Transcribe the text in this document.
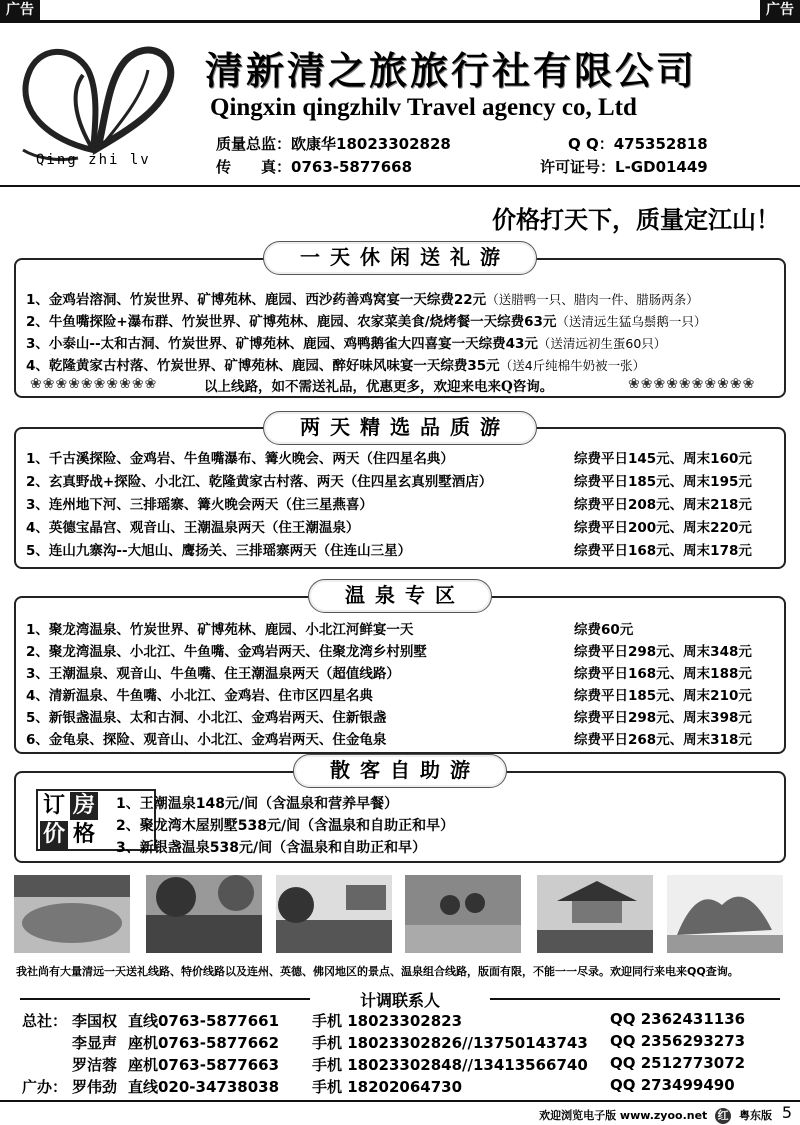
广告	广告
Qing zhi lv
清新清之旅旅行社有限公司
Qingxin qingzhilv Travel agency co, Ltd
质量总监：欧康华18023302828	Q Q：475352818
传　　真：0763-5877668	许可证号：L-GD01449
价格打天下，质量定江山！
1、金鸡岩溶洞、竹炭世界、矿博苑林、鹿园、西沙药善鸡窝宴一天综费22元（送腊鸭一只、腊肉一件、腊肠两条）
2、牛鱼嘴探险+瀑布群、竹炭世界、矿博苑林、鹿园、农家菜美食/烧烤餐一天综费63元（送清远生猛乌鬃鹅一只）
3、小泰山--太和古洞、竹炭世界、矿博苑林、鹿园、鸡鸭鹅雀大四喜宴一天综费43元（送清远初生蛋60只）
4、乾隆黄家古村落、竹炭世界、矿博苑林、鹿园、醉好味风味宴一天综费35元（送4斤纯棉牛奶被一张）
❀❀❀❀❀❀❀❀❀❀	以上线路，如不需送礼品，优惠更多，欢迎来电来Q咨询。	❀❀❀❀❀❀❀❀❀❀
一天休闲送礼游
1、千古溪探险、金鸡岩、牛鱼嘴瀑布、篝火晚会、两天（住四星名典）	综费平日145元、周末160元
2、玄真野战+探险、小北江、乾隆黄家古村落、两天（住四星玄真别墅酒店）	综费平日185元、周末195元
3、连州地下河、三排瑶寨、篝火晚会两天（住三星燕喜）	综费平日208元、周末218元
4、英德宝晶宫、观音山、王潮温泉两天（住王潮温泉）	综费平日200元、周末220元
5、连山九寨沟--大旭山、鹰扬关、三排瑶寨两天（住连山三星）	综费平日168元、周末178元
两天精选品质游
1、聚龙湾温泉、竹炭世界、矿博苑林、鹿园、小北江河鲜宴一天	综费60元
2、聚龙湾温泉、小北江、牛鱼嘴、金鸡岩两天、住聚龙湾乡村别墅	综费平日298元、周末348元
3、王潮温泉、观音山、牛鱼嘴、住王潮温泉两天（超值线路）	综费平日168元、周末188元
4、清新温泉、牛鱼嘴、小北江、金鸡岩、住市区四星名典	综费平日185元、周末210元
5、新银盏温泉、太和古洞、小北江、金鸡岩两天、住新银盏	综费平日298元、周末398元
6、金龟泉、探险、观音山、小北江、金鸡岩两天、住金龟泉	综费平日268元、周末318元
温泉专区
订 房
价 格
1、王潮温泉148元/间（含温泉和营养早餐）
2、聚龙湾木屋别墅538元/间（含温泉和自助正和早）
3、新银盏温泉538元/间（含温泉和自助正和早）
散客自助游
我社尚有大量清远一天送礼线路、特价线路以及连州、英德、佛冈地区的景点、温泉组合线路，版面有限，不能一一尽录。欢迎同行来电来QQ查询。
计调联系人
总社： 李国权 直线0763-5877661 手机 18023302823	QQ 2362431136
李显声 座机0763-5877662 手机 18023302826//13750143743 QQ 2356293273
罗洁蓉 座机0763-5877663 手机 18023302848//13413566740 QQ 2512773072
广办： 罗伟劲 直线020-34738038 手机 18202064730	QQ 273499490
欢迎浏览电子版 www.zyoo.net 红 粤东版 5
